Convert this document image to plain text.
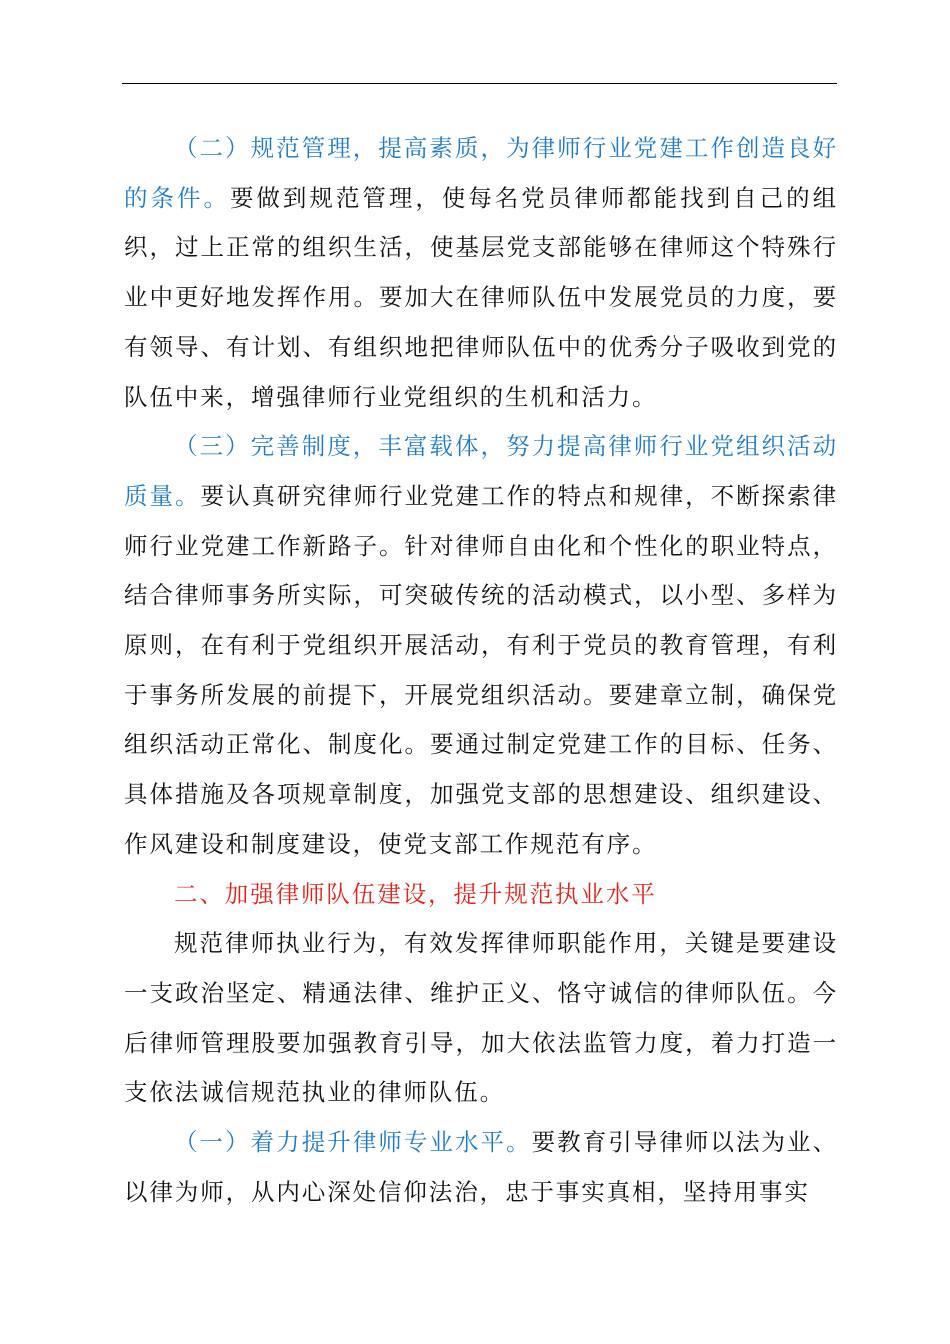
（二）规范管理，提高素质，为律师行业党建工作创造良好的条件。要做到规范管理，使每名党员律师都能找到自己的组织，过上正常的组织生活，使基层党支部能够在律师这个特殊行业中更好地发挥作用。要加大在律师队伍中发展党员的力度，要有领导、有计划、有组织地把律师队伍中的优秀分子吸收到党的队伍中来，增强律师行业党组织的生机和活力。

（三）完善制度，丰富载体，努力提高律师行业党组织活动质量。要认真研究律师行业党建工作的特点和规律，不断探索律师行业党建工作新路子。针对律师自由化和个性化的职业特点，结合律师事务所实际，可突破传统的活动模式，以小型、多样为原则，在有利于党组织开展活动，有利于党员的教育管理，有利于事务所发展的前提下，开展党组织活动。要建章立制，确保党组织活动正常化、制度化。要通过制定党建工作的目标、任务、具体措施及各项规章制度，加强党支部的思想建设、组织建设、作风建设和制度建设，使党支部工作规范有序。

二、加强律师队伍建设，提升规范执业水平

规范律师执业行为，有效发挥律师职能作用，关键是要建设一支政治坚定、精通法律、维护正义、恪守诚信的律师队伍。今后律师管理股要加强教育引导，加大依法监管力度，着力打造一支依法诚信规范执业的律师队伍。

（一）着力提升律师专业水平。要教育引导律师以法为业、以律为师，从内心深处信仰法治，忠于事实真相，坚持用事实
